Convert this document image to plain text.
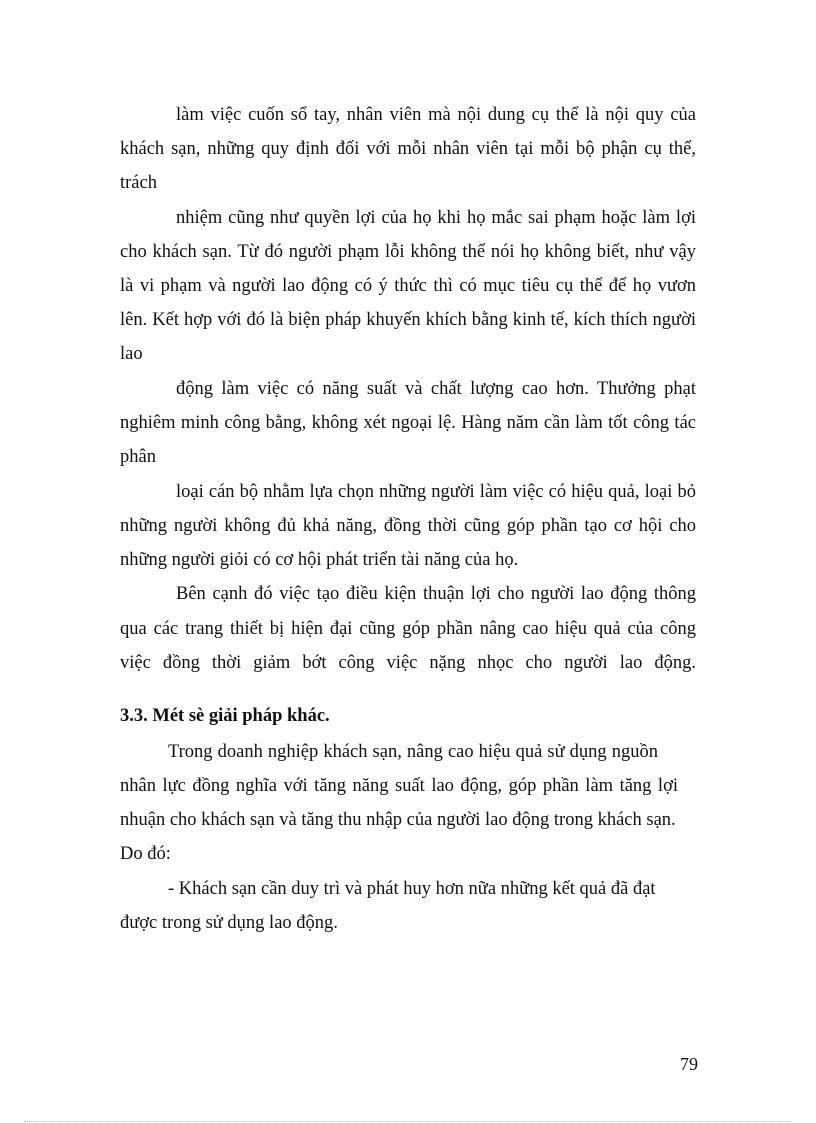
làm việc cuốn sổ tay, nhân viên mà nội dung cụ thể là nội quy của
khách sạn, những quy định đối với mỗi nhân viên tại mỗi bộ phận cụ thể,
trách
nhiệm cũng như quyền lợi của họ khi họ mắc sai phạm hoặc làm lợi
cho khách sạn. Từ đó người phạm lỗi không thể nói họ không biết, như vậy
là vi phạm và người lao động có ý thức thì có mục tiêu cụ thể để họ vươn
lên. Kết hợp với đó là biện pháp khuyến khích bằng kinh tế, kích thích người
lao
động làm việc có năng suất và chất lượng cao hơn. Thưởng phạt
nghiêm minh công bằng, không xét ngoại lệ. Hàng năm cần làm tốt công tác
phân
loại cán bộ nhằm lựa chọn những người làm việc có hiệu quả, loại bỏ
những người không đủ khả năng, đồng thời cũng góp phần tạo cơ hội cho
những người giỏi có cơ hội phát triển tài năng của họ.
Bên cạnh đó việc tạo điều kiện thuận lợi cho người lao động thông
qua các trang thiết bị hiện đại cũng góp phần nâng cao hiệu quả của công
việc đồng thời giảm bớt công việc nặng nhọc cho người lao động.
3.3. Mét sè giải pháp khác.
Trong doanh nghiệp khách sạn, nâng cao hiệu quả sử dụng nguồn
nhân lực đồng nghĩa với tăng năng suất lao động, góp phần làm tăng lợi
nhuận cho khách sạn và tăng thu nhập của người lao động trong khách sạn.
Do đó:
- Khách sạn cần duy trì và phát huy hơn nữa những kết quả đã đạt
được trong sử dụng lao động.
79
